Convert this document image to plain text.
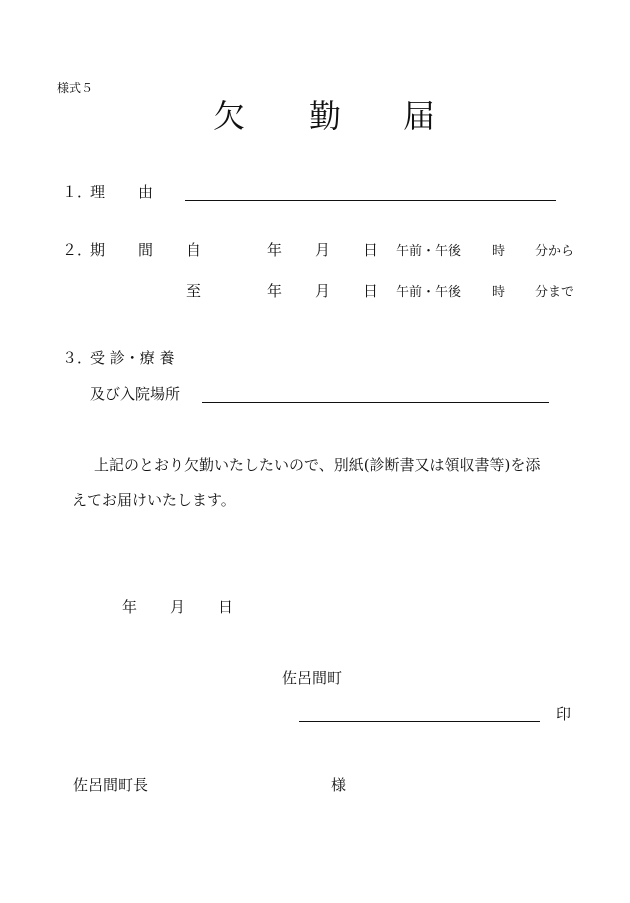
様式５
欠 勤 届
１．
理 由
２．
期 間 自	年 月 日 午前・午後 時 分から
至	年 月 日 午前・午後 時 分まで
３．
受 診・療 養
及び入院場所
上記のとおり欠勤いたしたいので、別紙(診断書又は領収書等)を添
えてお届けいたします。
年 月 日
佐呂間町
印
佐呂間町長	様
